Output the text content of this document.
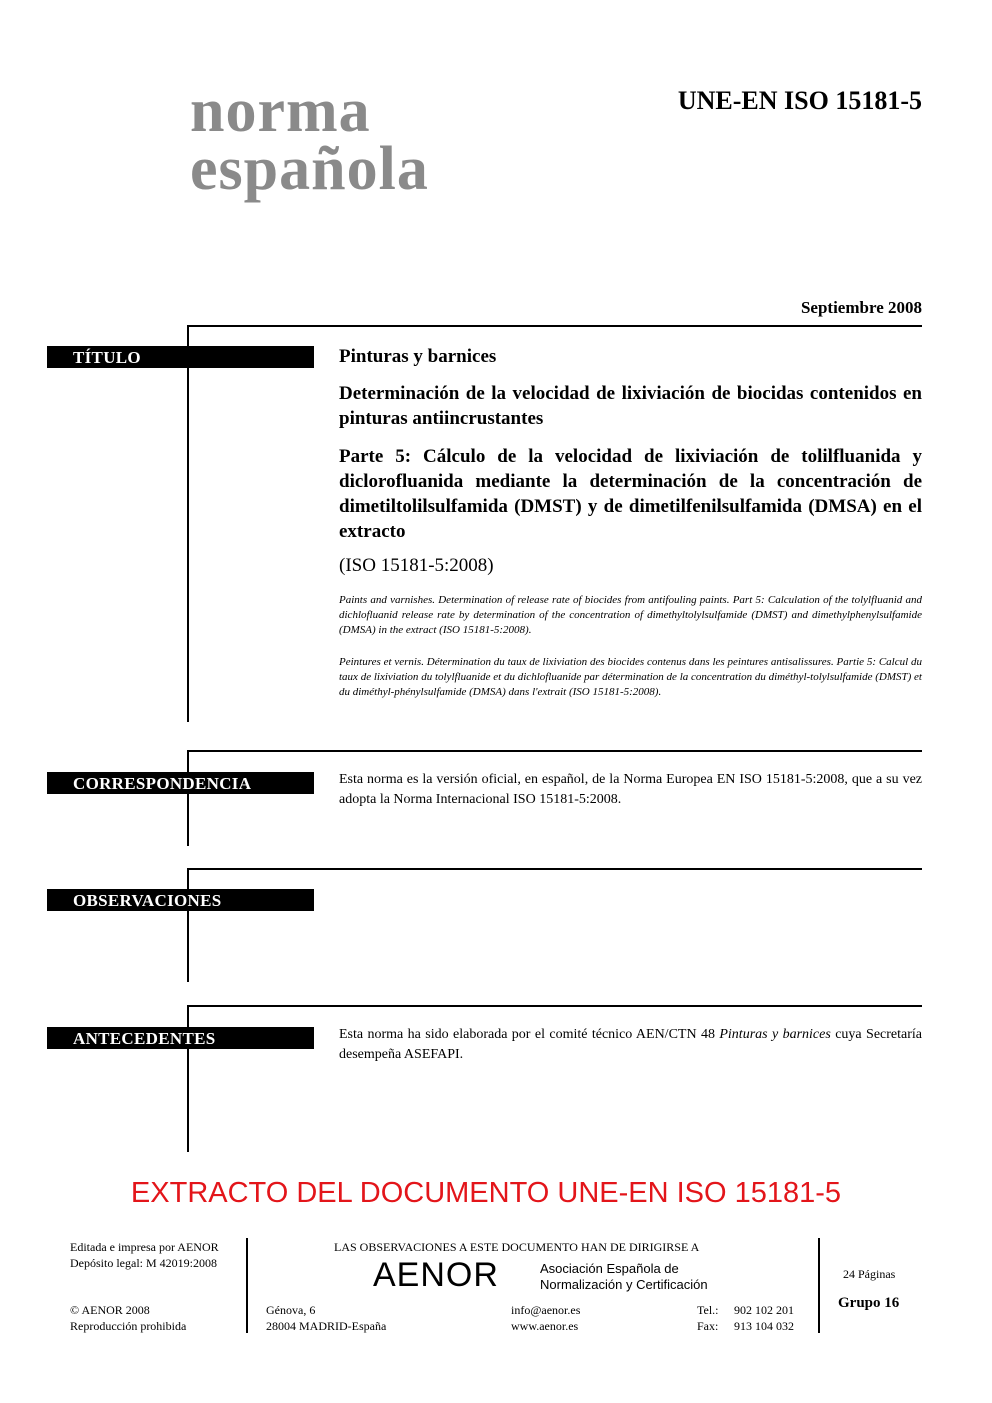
norma
española
UNE-EN ISO 15181-5
Septiembre 2008
TÍTULO	Pinturas y barnices
Determinación de la velocidad de lixiviación de biocidas contenidos en pinturas antiincrustantes
Parte 5: Cálculo de la velocidad de lixiviación de tolilfluanida y diclorofluanida mediante la determinación de la concentración de dimetiltolilsulfamida (DMST) y de dimetilfenilsulfamida (DMSA) en el extracto
(ISO 15181-5:2008)
Paints and varnishes. Determination of release rate of biocides from antifouling paints. Part 5: Calculation of the tolylfluanid and dichlofluanid release rate by determination of the concentration of dimethyltolylsulfamide (DMST) and dimethylphenylsulfamide (DMSA) in the extract (ISO 15181-5:2008).
Peintures et vernis. Détermination du taux de lixiviation des biocides contenus dans les peintures antisalissures. Partie 5: Calcul du taux de lixiviation du tolylfluanide et du dichlofluanide par détermination de la concentration du diméthyl-tolylsulfamide (DMST) et du diméthyl-phénylsulfamide (DMSA) dans l'extrait (ISO 15181-5:2008).
CORRESPONDENCIA	Esta norma es la versión oficial, en español, de la Norma Europea EN ISO 15181-5:2008, que a su vez adopta la Norma Internacional ISO 15181-5:2008.
OBSERVACIONES
ANTECEDENTES	Esta norma ha sido elaborada por el comité técnico AEN/CTN 48 Pinturas y barnices cuya Secretaría desempeña ASEFAPI.
EXTRACTO DEL DOCUMENTO UNE-EN ISO 15181-5
Editada e impresa por AENOR
Depósito legal: M 42019:2008
© AENOR 2008
Reproducción prohibida
LAS OBSERVACIONES A ESTE DOCUMENTO HAN DE DIRIGIRSE A
AENOR	Asociación Española de
Normalización y Certificación
Génova, 6
28004 MADRID-España
info@aenor.es
www.aenor.es
Tel.: 902 102 201
Fax: 913 104 032
24 Páginas
Grupo 16
